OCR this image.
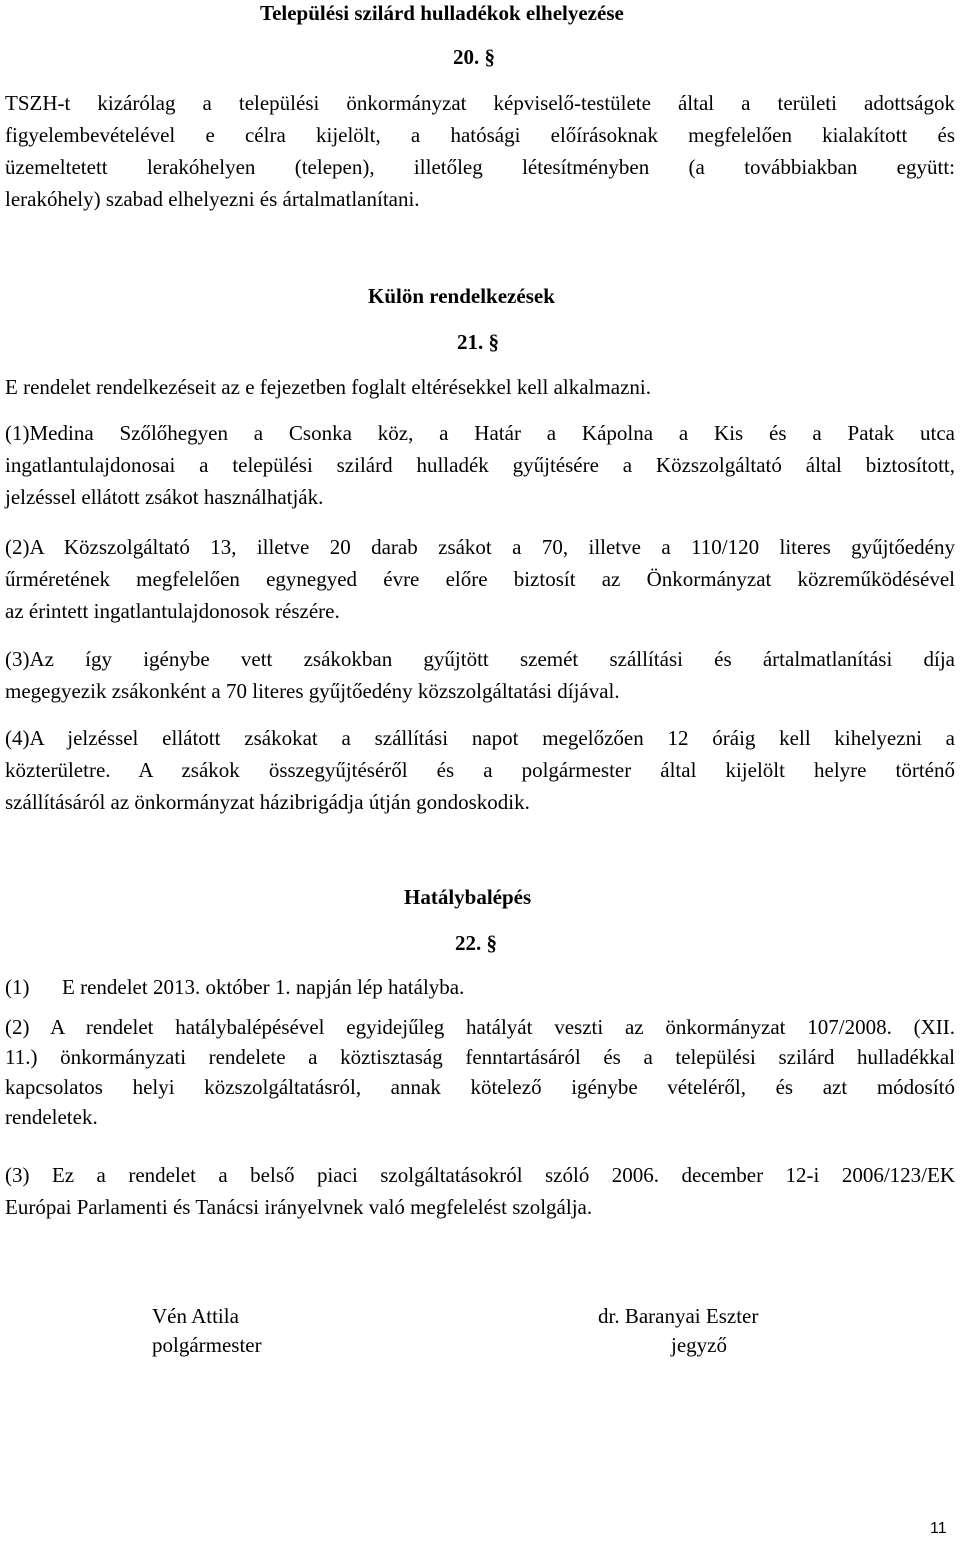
Települési szilárd hulladékok elhelyezése
20. §
TSZH-t kizárólag a települési önkormányzat képviselő-testülete által a területi adottságok
figyelembevételével e célra kijelölt, a hatósági előírásoknak megfelelően kialakított és
üzemeltetett lerakóhelyen (telepen), illetőleg létesítményben (a továbbiakban együtt:
lerakóhely) szabad elhelyezni és ártalmatlanítani.
Külön rendelkezések
21. §
E rendelet rendelkezéseit az e fejezetben foglalt eltérésekkel kell alkalmazni.
(1)Medina Szőlőhegyen a Csonka köz, a Határ a Kápolna a Kis és a Patak utca
ingatlantulajdonosai a települési szilárd hulladék gyűjtésére a Közszolgáltató által biztosított,
jelzéssel ellátott zsákot használhatják.
(2)A Közszolgáltató 13, illetve 20 darab zsákot a 70, illetve a 110/120 literes gyűjtőedény
űrméretének megfelelően egynegyed évre előre biztosít az Önkormányzat közreműködésével
az érintett ingatlantulajdonosok részére.
(3)Az így igénybe vett zsákokban gyűjtött szemét szállítási és ártalmatlanítási díja
megegyezik zsákonként a 70 literes gyűjtőedény közszolgáltatási díjával.
(4)A jelzéssel ellátott zsákokat a szállítási napot megelőzően 12 óráig kell kihelyezni a
közterületre. A zsákok összegyűjtéséről és a polgármester által kijelölt helyre történő
szállításáról az önkormányzat házibrigádja útján gondoskodik.
Hatálybalépés
22. §
(1) E rendelet 2013. október 1. napján lép hatályba.
(2) A rendelet hatálybalépésével egyidejűleg hatályát veszti az önkormányzat 107/2008. (XII.
11.) önkormányzati rendelete a köztisztaság fenntartásáról és a települési szilárd hulladékkal
kapcsolatos helyi közszolgáltatásról, annak kötelező igénybe vételéről, és azt módosító
rendeletek.
(3) Ez a rendelet a belső piaci szolgáltatásokról szóló 2006. december 12-i 2006/123/EK
Európai Parlamenti és Tanácsi irányelvnek való megfelelést szolgálja.
Vén Attila
polgármester
dr. Baranyai Eszter
jegyző
11
